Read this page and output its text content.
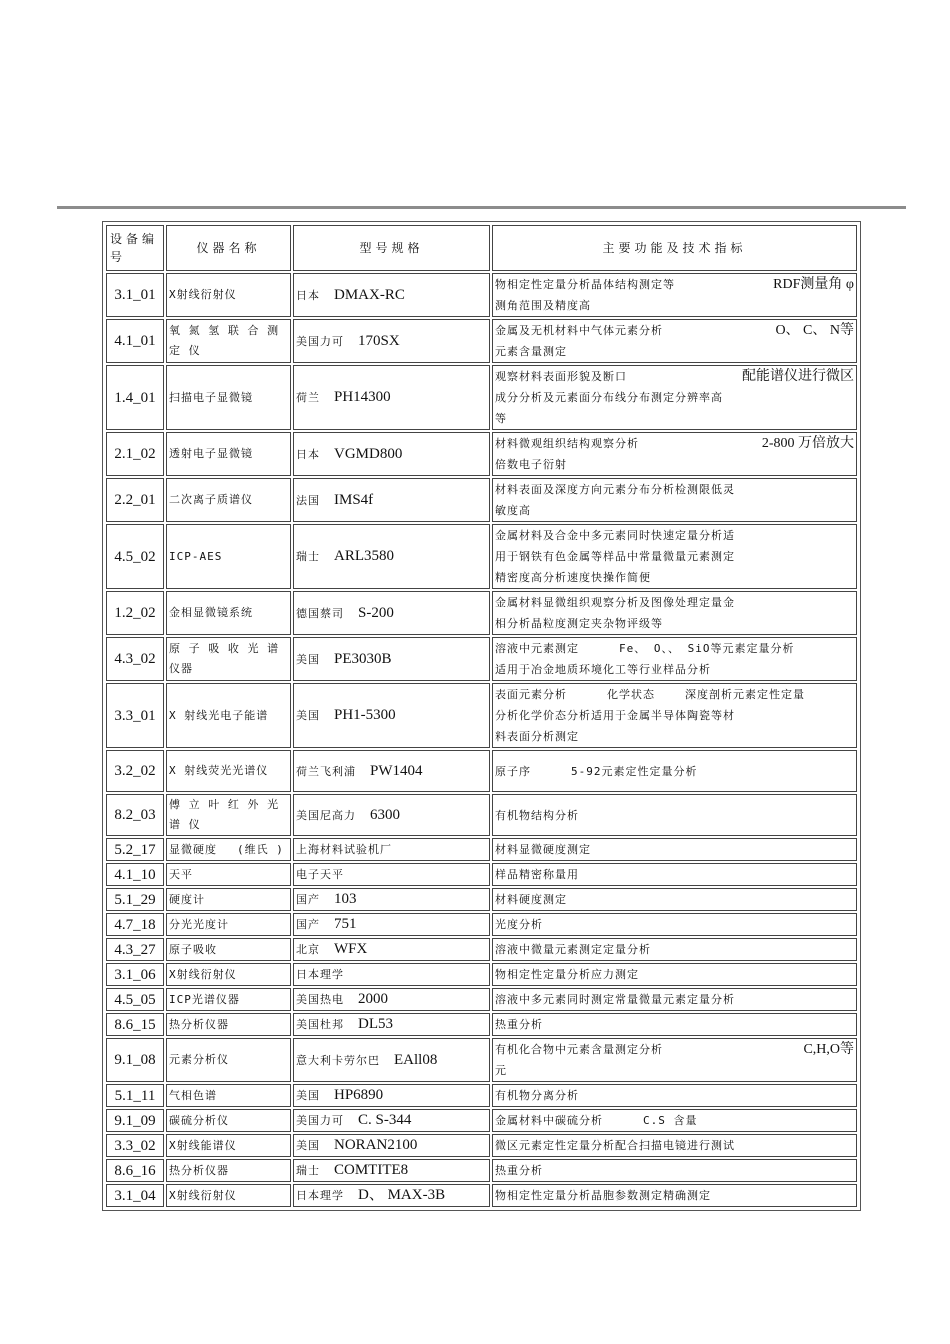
设备编号	仪器名称	型号规格	主要功能及技术指标
3.1_01	X射线衍射仪	日本 DMAX-RC	RDF测量角 φ
物相定性定量分析晶体结构测定等
测角范围及精度高

4.1_01	氧 氮 氢 联 合 测 定 仪	美国力可 170SX	O、 C、 N等
金属及无机材料中气体元素分析
元素含量测定

1.4_01	扫描电子显微镜	荷兰 PH14300	配能谱仪进行微区
观察材料表面形貌及断口
成分分析及元素面分布线分布测定分辨率高
等

2.1_02	透射电子显微镜	日本 VGMD800	2-800 万倍放大
材料微观组织结构观察分析
倍数电子衍射

2.2_01	二次离子质谱仪	法国 IMS4f	材料表面及深度方向元素分布分析检测限低灵
敏度高

4.5_02	ICP-AES	瑞士 ARL3580	金属材料及合金中多元素同时快速定量分析适
用于钢铁有色金属等样品中常量微量元素测定
精密度高分析速度快操作简便

1.2_02	金相显微镜系统	德国蔡司 S-200	金属材料显微组织观察分析及图像处理定量金
相分析晶粒度测定夹杂物评级等

4.3_02	原 子 吸 收 光 谱 仪器	美国 PE3030B	溶液中元素测定 Fe、 O、、 SiO等元素定量分析
适用于冶金地质环境化工等行业样品分析

3.3_01	X 射线光电子能谱	美国 PH1-5300	表面元素分析 化学状态 深度剖析元素定性定量
分析化学价态分析适用于金属半导体陶瓷等材
料表面分析测定

3.2_02	X 射线荧光光谱仪	荷兰飞利浦 PW1404	原子序 5-92元素定性定量分析

8.2_03	傅 立 叶 红 外 光 谱 仪	美国尼高力 6300	有机物结构分析

5.2_17	显微硬度 (维氏 )	上海材料试验机厂	材料显微硬度测定

4.1_10	天平	电子天平	样品精密称量用

5.1_29	硬度计	国产 103	材料硬度测定

4.7_18	分光光度计	国产 751	光度分析

4.3_27	原子吸收	北京 WFX	溶液中微量元素测定定量分析

3.1_06	X射线衍射仪	日本理学	物相定性定量分析应力测定

4.5_05	ICP光谱仪器	美国热电 2000	溶液中多元素同时测定常量微量元素定量分析

8.6_15	热分析仪器	美国杜邦 DL53	热重分析

9.1_08	元素分析仪	意大利卡劳尔巴 EAll08	C,H,O等
有机化合物中元素含量测定分析
元

5.1_11	气相色谱	美国 HP6890	有机物分离分析

9.1_09	碳硫分析仪	美国力可 C. S-344	金属材料中碳硫分析 C.S 含量

3.3_02	X射线能谱仪	美国 NORAN2100	微区元素定性定量分析配合扫描电镜进行测试

8.6_16	热分析仪器	瑞士 COMTITE8	热重分析

3.1_04	X射线衍射仪	日本理学 D、 MAX-3B	物相定性定量分析晶胞参数测定精确测定
